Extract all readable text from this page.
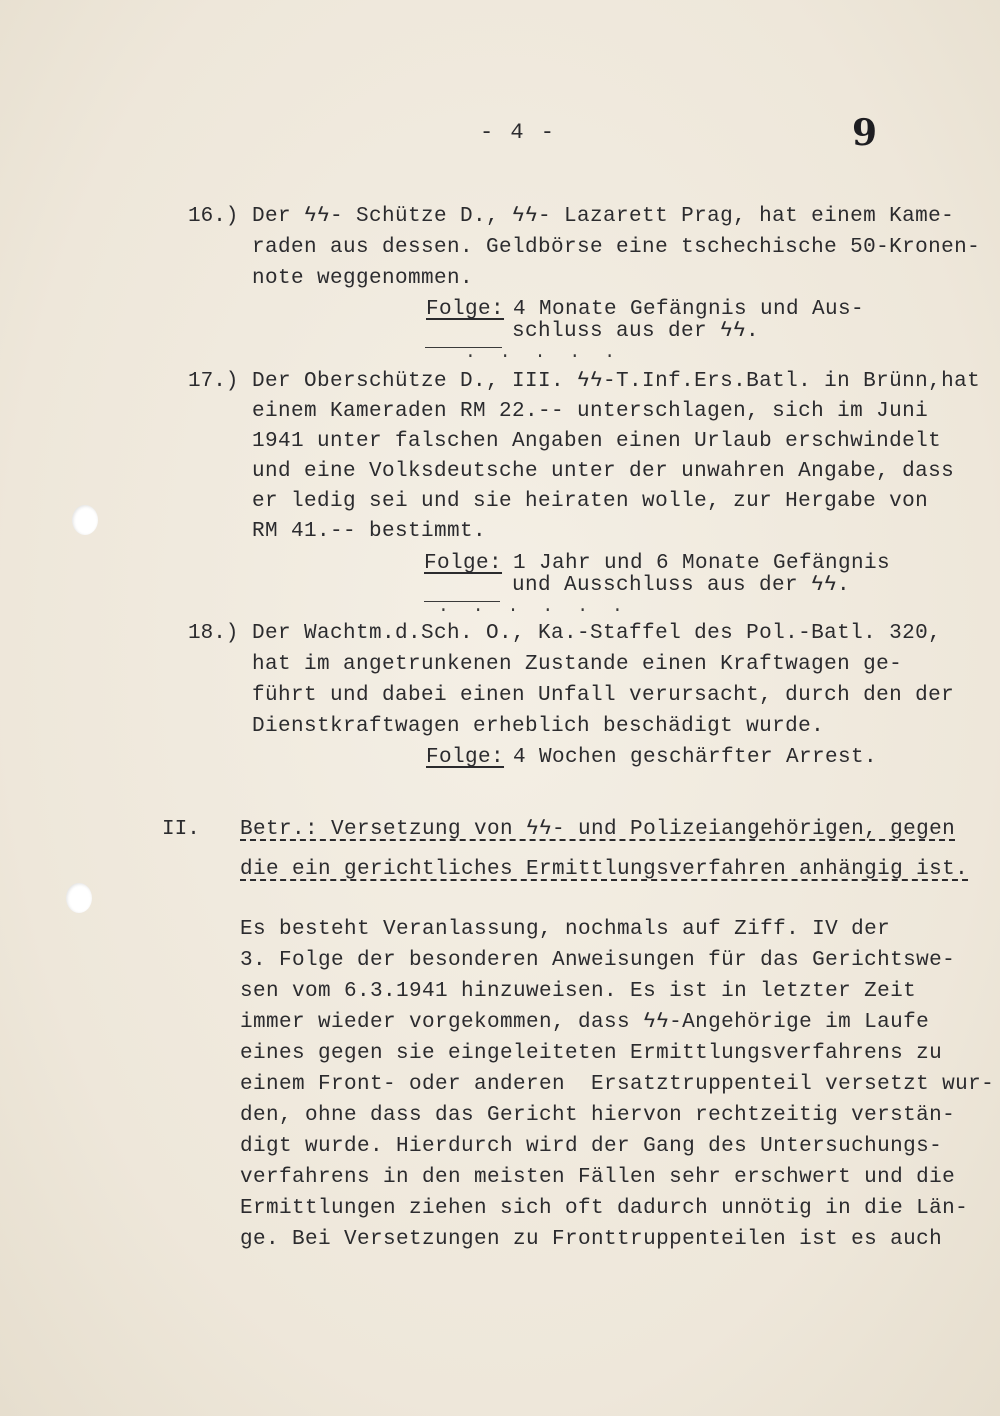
- 4 -	9
16.) Der ϟϟ- Schütze D., ϟϟ- Lazarett Prag, hat einem Kame-
raden aus dessen. Geldbörse eine tschechische 50-Kronen-
note weggenommen.
Folge:
4 Monate Gefängnis und Aus-
schluss aus der ϟϟ.
.....
17.) Der Oberschütze D., III. ϟϟ-T.Inf.Ers.Batl. in Brünn,hat
einem Kameraden RM 22.-- unterschlagen, sich im Juni
1941 unter falschen Angaben einen Urlaub erschwindelt
und eine Volksdeutsche unter der unwahren Angabe, dass
er ledig sei und sie heiraten wolle, zur Hergabe von
RM 41.-- bestimmt.
Folge:
1 Jahr und 6 Monate Gefängnis
und Ausschluss aus der ϟϟ.
......
18.) Der Wachtm.d.Sch. O., Ka.-Staffel des Pol.-Batl. 320,
hat im angetrunkenen Zustande einen Kraftwagen ge-
führt und dabei einen Unfall verursacht, durch den der
Dienstkraftwagen erheblich beschädigt wurde.
Folge:
4 Wochen geschärfter Arrest.
II. Betr.: Versetzung von ϟϟ- und Polizeiangehörigen, gegen
die ein gerichtliches Ermittlungsverfahren anhängig ist.
Es besteht Veranlassung, nochmals auf Ziff. IV der
3. Folge der besonderen Anweisungen für das Gerichtswe-
sen vom 6.3.1941 hinzuweisen. Es ist in letzter Zeit
immer wieder vorgekommen, dass ϟϟ-Angehörige im Laufe
eines gegen sie eingeleiteten Ermittlungsverfahrens zu
einem Front- oder anderen  Ersatztruppenteil versetzt wur-
den, ohne dass das Gericht hiervon rechtzeitig verstän-
digt wurde. Hierdurch wird der Gang des Untersuchungs-
verfahrens in den meisten Fällen sehr erschwert und die
Ermittlungen ziehen sich oft dadurch unnötig in die Län-
ge. Bei Versetzungen zu Fronttruppenteilen ist es auch
